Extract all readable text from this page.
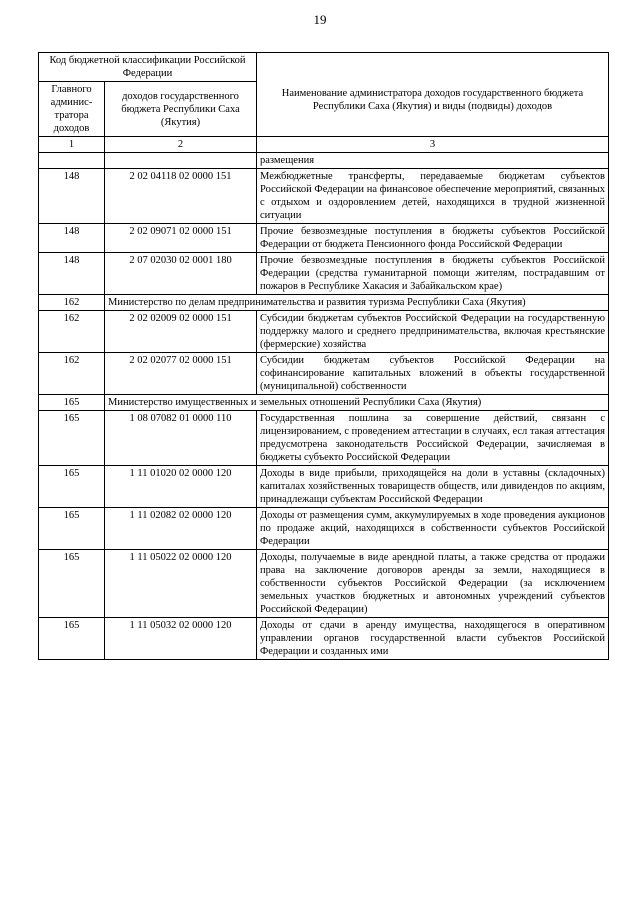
19
Код бюджетной классификации Российской Федерации		Наименование администратора доходов государственного бюджета Республики Саха (Якутия) и виды (подвиды) доходов
Главного админис-тратора доходов	доходов государственного бюджета Республики Саха (Якутия)	
1	2	3
		размещения
148	2 02 04118 02 0000 151	Межбюджетные трансферты, передаваемые бюджетам субъектов Российской Федерации на финансовое обеспечение мероприятий, связанных с отдыхом и оздоровлением детей, находящихся в трудной жизненной ситуации
148	2 02 09071 02 0000 151	Прочие безвозмездные поступления в бюджеты субъектов Российской Федерации от бюджета Пенсионного фонда Российской Федерации
148	2 07 02030 02 0001 180	Прочие безвозмездные поступления в бюджеты субъектов Российской Федерации (средства гуманитарной помощи жителям, пострадавшим от пожаров в Республике Хакасия и Забайкальском крае)
162	Министерство по делам предпринимательства и развития туризма Республики Саха (Якутия)	
162	2 02 02009 02 0000 151	Субсидии бюджетам субъектов Российской Федерации на государственную поддержку малого и среднего предпринимательства, включая крестьянские (фермерские) хозяйства
162	2 02 02077 02 0000 151	Субсидии бюджетам субъектов Российской Федерации на софинансирование капитальных вложений в объекты государственной (муниципальной) собственности
165	Министерство имущественных и земельных отношений Республики Саха (Якутия)	
165	1 08 07082 01 0000 110	Государственная пошлина за совершение действий, связанн с лицензированием, с проведением аттестации в случаях, есл такая аттестация предусмотрена законодательств Российской Федерации, зачисляемая в бюджеты субъекто Российской Федерации
165	1 11 01020 02 0000 120	Доходы в виде прибыли, приходящейся на доли в уставны (складочных) капиталах хозяйственных товариществ обществ, или дивидендов по акциям, принадлежащи субъектам Российской Федерации
165	1 11 02082 02 0000 120	Доходы от размещения сумм, аккумулируемых в ходе проведения аукционов по продаже акций, находящихся в собственности субъектов Российской Федерации
165	1 11 05022 02 0000 120	Доходы, получаемые в виде арендной платы, а также средства от продажи права на заключение договоров аренды за земли, находящиеся в собственности субъектов Российской Федерации (за исключением земельных участков бюджетных и автономных учреждений субъектов Российской Федерации)
165	1 11 05032 02 0000 120	Доходы от сдачи в аренду имущества, находящегося в оперативном управлении органов государственной власти субъектов Российской Федерации и созданных ими
